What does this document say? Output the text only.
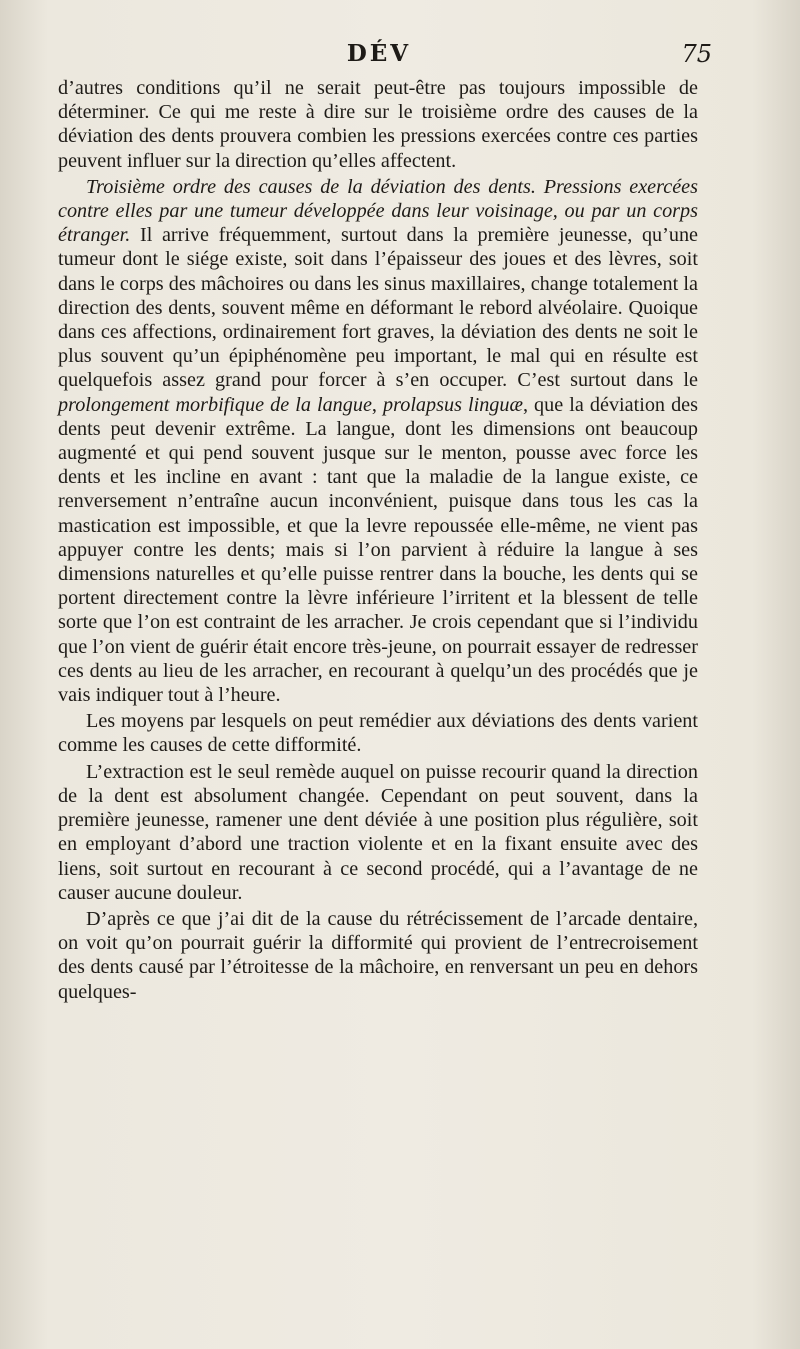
DÉV	75

d’autres conditions qu’il ne serait peut-être pas toujours impossible de déterminer. Ce qui me reste à dire sur le troisième ordre des causes de la déviation des dents prouvera combien les pressions exercées contre ces parties peuvent influer sur la direction qu’elles affectent.

Troisième ordre des causes de la déviation des dents. Pressions exercées contre elles par une tumeur développée dans leur voisinage, ou par un corps étranger. Il arrive fréquemment, surtout dans la première jeunesse, qu’une tumeur dont le siége existe, soit dans l’épaisseur des joues et des lèvres, soit dans le corps des mâchoires ou dans les sinus maxillaires, change totalement la direction des dents, souvent même en déformant le rebord alvéolaire. Quoique dans ces affections, ordinairement fort graves, la déviation des dents ne soit le plus souvent qu’un épiphénomène peu important, le mal qui en résulte est quelquefois assez grand pour forcer à s’en occuper. C’est surtout dans le prolongement morbifique de la langue, prolapsus linguæ, que la déviation des dents peut devenir extrême. La langue, dont les dimensions ont beaucoup augmenté et qui pend souvent jusque sur le menton, pousse avec force les dents et les incline en avant : tant que la maladie de la langue existe, ce renversement n’entraîne aucun inconvénient, puisque dans tous les cas la mastication est impossible, et que la levre repoussée elle-même, ne vient pas appuyer contre les dents; mais si l’on parvient à réduire la langue à ses dimensions naturelles et qu’elle puisse rentrer dans la bouche, les dents qui se portent directement contre la lèvre inférieure l’irritent et la blessent de telle sorte que l’on est contraint de les arracher. Je crois cependant que si l’individu que l’on vient de guérir était encore très-jeune, on pourrait essayer de redresser ces dents au lieu de les arracher, en recourant à quelqu’un des procédés que je vais indiquer tout à l’heure.

Les moyens par lesquels on peut remédier aux déviations des dents varient comme les causes de cette difformité.

L’extraction est le seul remède auquel on puisse recourir quand la direction de la dent est absolument changée. Cependant on peut souvent, dans la première jeunesse, ramener une dent déviée à une position plus régulière, soit en employant d’abord une traction violente et en la fixant ensuite avec des liens, soit surtout en recourant à ce second procédé, qui a l’avantage de ne causer aucune douleur.

D’après ce que j’ai dit de la cause du rétrécissement de l’arcade dentaire, on voit qu’on pourrait guérir la difformité qui provient de l’entrecroisement des dents causé par l’étroitesse de la mâchoire, en renversant un peu en dehors quelques-
